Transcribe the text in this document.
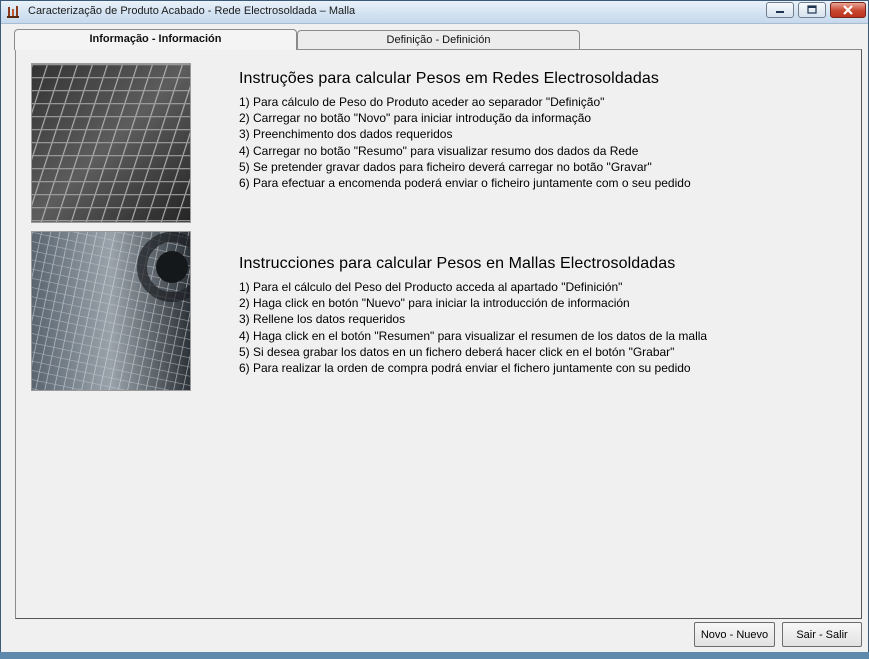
Caracterização de Produto Acabado - Rede Electrosoldada – Malla
Informação - Información	Definição - Definición
Instruções para calcular Pesos em Redes Electrosoldadas
1) Para cálculo de Peso do Produto aceder ao separador "Definição"
2) Carregar no botão "Novo" para iniciar introdução da informação
3) Preenchimento dos dados requeridos
4) Carregar no botão "Resumo" para visualizar resumo dos dados da Rede
5) Se pretender gravar dados para ficheiro deverá carregar no botão "Gravar"
6) Para efectuar a encomenda poderá enviar o ficheiro juntamente com o seu pedido
Instrucciones para calcular Pesos en Mallas Electrosoldadas
1) Para el cálculo del Peso del Producto acceda al apartado "Definición"
2) Haga click en botón "Nuevo" para iniciar la introducción de información
3) Rellene los datos requeridos
4) Haga click en el botón "Resumen" para visualizar el resumen de los datos de la malla
5) Si desea grabar los datos en un fichero deberá hacer click en el botón "Grabar"
6) Para realizar la orden de compra podrá enviar el fichero juntamente con su pedido
Novo - Nuevo	Sair - Salir
